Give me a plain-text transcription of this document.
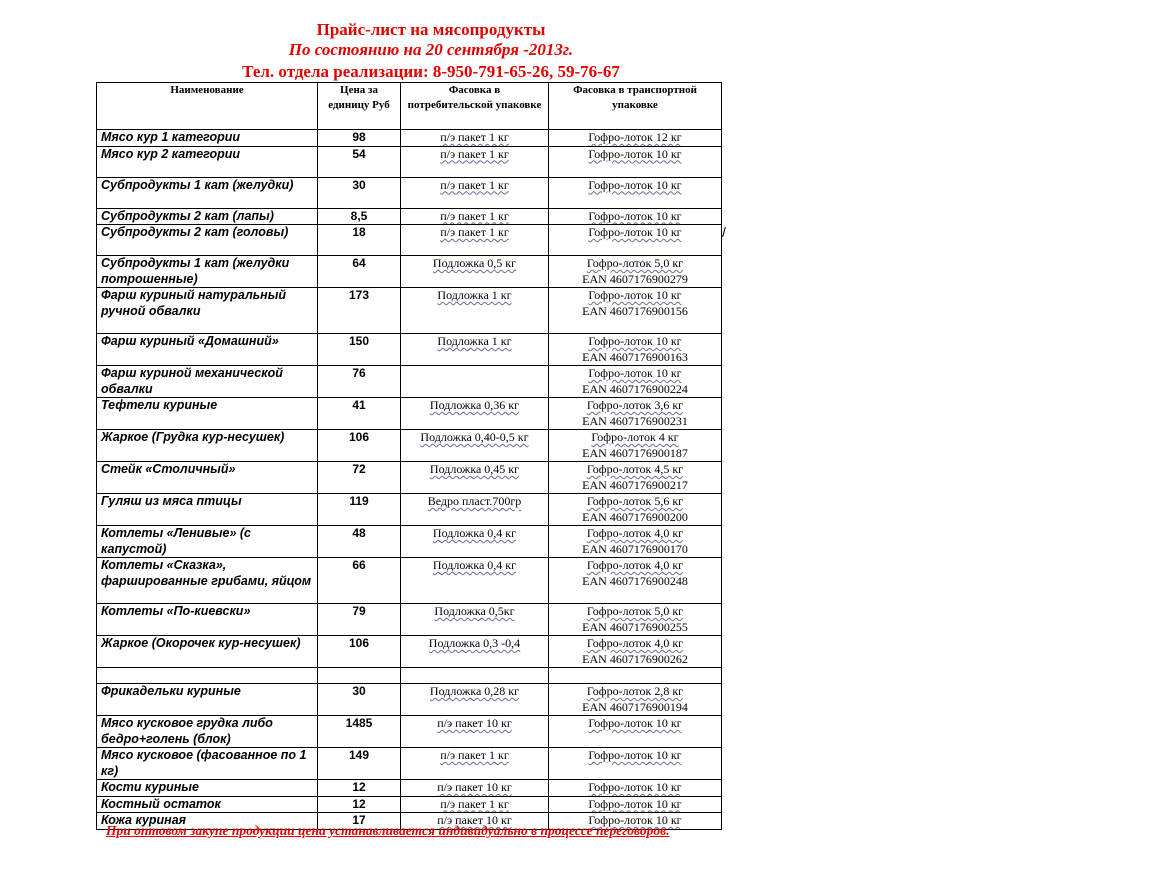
Прайс-лист на мясопродукты
По состоянию на 20 сентября -2013г.
Тел. отдела реализации: 8-950-791-65-26, 59-76-67
Наименование	Цена за единицу Руб	Фасовка в потребительской упаковке	Фасовка в транспортной упаковке
Мясо кур 1 категории	98	п/э пакет 1 кг	Гофро-лоток 12 кг

Мясо кур 2 категории	54	п/э пакет 1 кг	Гофро-лоток 10 кг

Субпродукты 1 кат (желудки)	30	п/э пакет 1 кг	Гофро-лоток 10 кг

Субпродукты 2 кат (лапы)	8,5	п/э пакет 1 кг	Гофро-лоток 10 кг

Субпродукты 2 кат (головы)	18	п/э пакет 1 кг	Гофро-лоток 10 кг

Субпродукты 1 кат (желудки потрошенные)	64	Подложка 0,5 кг	Гофро-лоток 5,0 кг
EAN 4607176900279

Фарш куриный натуральный ручной обвалки	173	Подложка 1 кг	Гофро-лоток 10 кг
EAN 4607176900156

Фарш куриный «Домашний»	150	Подложка 1 кг	Гофро-лоток 10 кг
EAN 4607176900163

Фарш куриной механической обвалки	76		Гофро-лоток 10 кг
EAN 4607176900224

Тефтели куриные	41	Подложка 0,36 кг	Гофро-лоток 3,6 кг
EAN 4607176900231

Жаркое (Грудка кур-несушек)	106	Подложка 0,40-0,5 кг	Гофро-лоток 4 кг
EAN 4607176900187

Стейк «Столичный»	72	Подложка 0,45 кг	Гофро-лоток 4,5 кг
EAN 4607176900217

Гуляш из мяса птицы	119	Ведро пласт.700гр	Гофро-лоток 5,6 кг
EAN 4607176900200

Котлеты «Ленивые» (с капустой)	48	Подложка 0,4 кг	Гофро-лоток 4,0 кг
EAN 4607176900170

Котлеты «Сказка», фаршированные грибами, яйцом	66	Подложка 0,4 кг	Гофро-лоток 4,0 кг
EAN 4607176900248

Котлеты «По-киевски»	79	Подложка 0,5кг	Гофро-лоток 5,0 кг
EAN 4607176900255

Жаркое (Окорочек кур-несушек)	106	Подложка 0,3 -0,4	Гофро-лоток 4,0 кг
EAN 4607176900262

Фрикадельки куриные	30	Подложка 0,28 кг	Гофро-лоток 2,8 кг
EAN 4607176900194

Мясо кусковое грудка либо бедро+голень (блок)	1485	п/э пакет 10 кг	Гофро-лоток 10 кг

Мясо кусковое (фасованное по 1 кг)	149	п/э пакет 1 кг	Гофро-лоток 10 кг

Кости куриные	12	п/э пакет 10 кг	Гофро-лоток 10 кг

Костный остаток	12	п/э пакет 1 кг	Гофро-лоток 10 кг

Кожа куриная	17	п/э пакет 10 кг	Гофро-лоток 10 кг
/
При оптовом закупе продукции цена устанавливается индивидуально в процессе переговоров.
